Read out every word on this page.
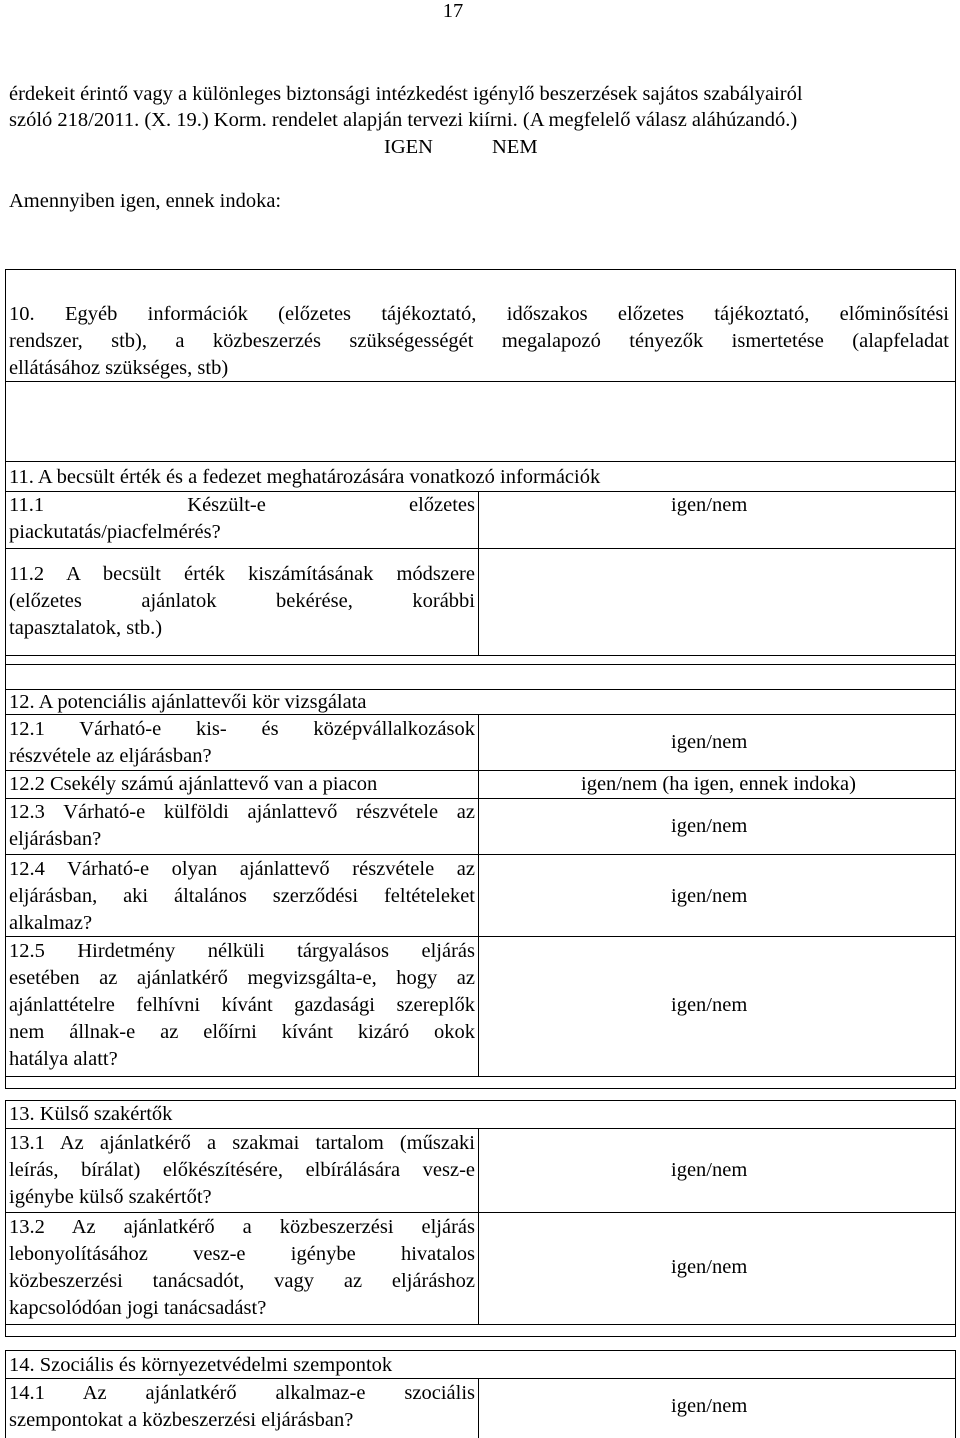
17
érdekeit érintő vagy a különleges biztonsági intézkedést igénylő beszerzések sajátos szabályairól
szóló 218/2011. (X. 19.) Korm. rendelet alapján tervezi kiírni. (A megfelelő válasz aláhúzandó.)
IGEN	NEM
Amennyiben igen, ennek indoka:
10. Egyéb információk (előzetes tájékoztató, időszakos előzetes tájékoztató, előminősítési
rendszer, stb), a közbeszerzés szükségességét megalapozó tényezők ismertetése (alapfeladat
ellátásához szükséges, stb)
11. A becsült érték és a fedezet meghatározására vonatkozó információk
11.1 Készült-e előzetes
piackutatás/piacfelmérés?
igen/nem
11.2 A becsült érték kiszámításának módszere
(előzetes ajánlatok bekérése, korábbi
tapasztalatok, stb.)
12. A potenciális ajánlattevői kör vizsgálata
12.1 Várható-e kis- és középvállalkozások
részvétele az eljárásban?
igen/nem
12.2 Csekély számú ajánlattevő van a piacon	igen/nem (ha igen, ennek indoka)
12.3 Várható-e külföldi ajánlattevő részvétele az
eljárásban?
igen/nem
12.4 Várható-e olyan ajánlattevő részvétele az
eljárásban, aki általános szerződési feltételeket
alkalmaz?
igen/nem
12.5 Hirdetmény nélküli tárgyalásos eljárás
esetében az ajánlatkérő megvizsgálta-e, hogy az
ajánlattételre felhívni kívánt gazdasági szereplők
nem állnak-e az előírni kívánt kizáró okok
hatálya alatt?
igen/nem
13. Külső szakértők
13.1 Az ajánlatkérő a szakmai tartalom (műszaki
leírás, bírálat) előkészítésére, elbírálására vesz-e
igénybe külső szakértőt?
igen/nem
13.2 Az ajánlatkérő a közbeszerzési eljárás
lebonyolításához vesz-e igénybe hivatalos
közbeszerzési tanácsadót, vagy az eljáráshoz
kapcsolódóan jogi tanácsadást?
igen/nem
14. Szociális és környezetvédelmi szempontok
14.1 Az ajánlatkérő alkalmaz-e szociális
szempontokat a közbeszerzési eljárásban?
igen/nem
